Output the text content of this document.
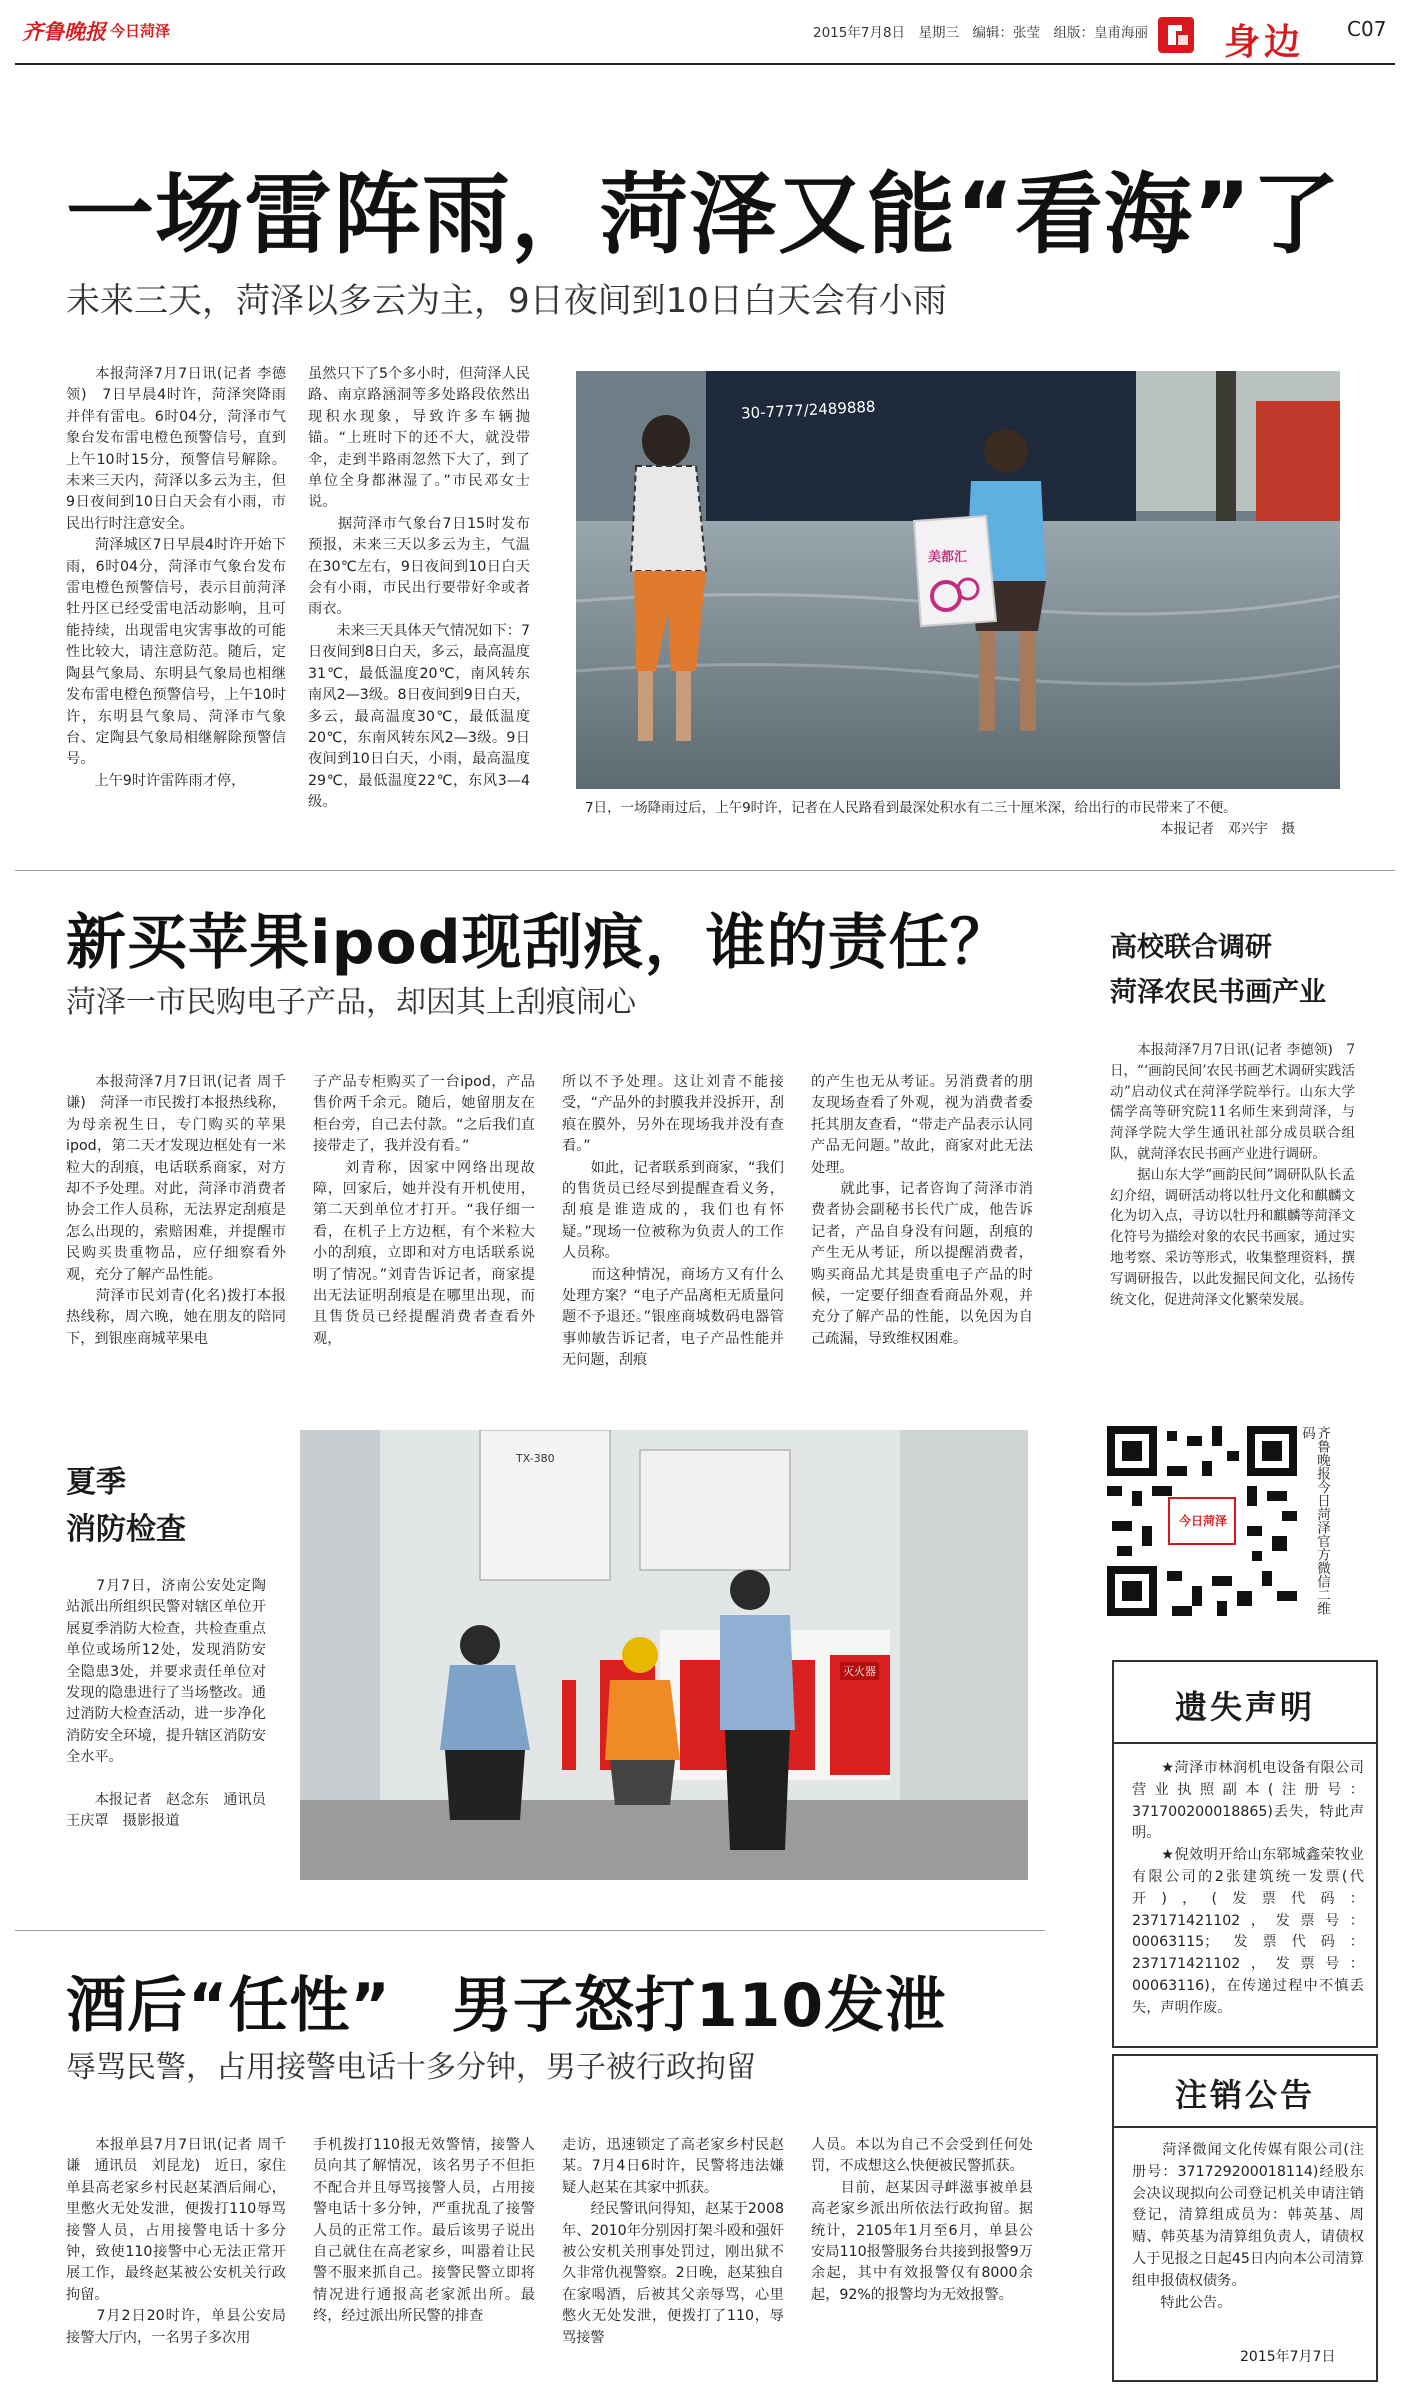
齐鲁晚报 今日菏泽	2015年7月8日　星期三　编辑：张莹　组版：皇甫海丽 身边 C07
一场雷阵雨，菏泽又能“看海”了
未来三天，菏泽以多云为主，9日夜间到10日白天会有小雨
　　本报菏泽7月7日讯(记者 李德领)　7日早晨4时许，菏泽突降雨并伴有雷电。6时04分，菏泽市气象台发布雷电橙色预警信号，直到上午10时15分，预警信号解除。未来三天内，菏泽以多云为主，但9日夜间到10日白天会有小雨，市民出行时注意安全。
　　菏泽城区7日早晨4时许开始下雨，6时04分，菏泽市气象台发布雷电橙色预警信号，表示目前菏泽牡丹区已经受雷电活动影响，且可能持续，出现雷电灾害事故的可能性比较大，请注意防范。随后，定陶县气象局、东明县气象局也相继发布雷电橙色预警信号，上午10时许，东明县气象局、菏泽市气象台、定陶县气象局相继解除预警信号。
　　上午9时许雷阵雨才停，
虽然只下了5个多小时，但菏泽人民路、南京路涵洞等多处路段依然出现积水现象，导致许多车辆抛锚。“上班时下的还不大，就没带伞，走到半路雨忽然下大了，到了单位全身都淋湿了。”市民邓女士说。
　　据菏泽市气象台7日15时发布预报，未来三天以多云为主，气温在30℃左右，9日夜间到10日白天会有小雨，市民出行要带好伞或者雨衣。
　　未来三天具体天气情况如下：7日夜间到8日白天，多云，最高温度31℃，最低温度20℃，南风转东南风2—3级。8日夜间到9日白天，多云，最高温度30℃，最低温度20℃，东南风转东风2—3级。9日夜间到10日白天，小雨，最高温度29℃，最低温度22℃，东风3—4级。
30-7777/2489888
美都汇
7日，一场降雨过后，上午9时许，记者在人民路看到最深处积水有二三十厘米深，给出行的市民带来了不便。
本报记者　邓兴宇　摄
新买苹果ipod现刮痕，谁的责任？
菏泽一市民购电子产品，却因其上刮痕闹心
　　本报菏泽7月7日讯(记者 周千谦)　菏泽一市民拨打本报热线称，为母亲祝生日，专门购买的苹果ipod，第二天才发现边框处有一米粒大的刮痕，电话联系商家，对方却不予处理。对此，菏泽市消费者协会工作人员称，无法界定刮痕是怎么出现的，索赔困难，并提醒市民购买贵重物品，应仔细察看外观，充分了解产品性能。
　　菏泽市民刘青(化名)拨打本报热线称，周六晚，她在朋友的陪同下，到银座商城苹果电
子产品专柜购买了一台ipod，产品售价两千余元。随后，她留朋友在柜台旁，自己去付款。“之后我们直接带走了，我并没有看。”
　　刘青称，因家中网络出现故障，回家后，她并没有开机使用，第二天到单位才打开。“我仔细一看，在机子上方边框，有个米粒大小的刮痕，立即和对方电话联系说明了情况。”刘青告诉记者，商家提出无法证明刮痕是在哪里出现，而且售货员已经提醒消费者查看外观，
所以不予处理。这让刘青不能接受，“产品外的封膜我并没拆开，刮痕在膜外，另外在现场我并没有查看。”
　　如此，记者联系到商家，“我们的售货员已经尽到提醒查看义务，刮痕是谁造成的，我们也有怀疑。”现场一位被称为负责人的工作人员称。
　　而这种情况，商场方又有什么处理方案？“电子产品离柜无质量问题不予退还。”银座商城数码电器管事帅敏告诉记者，电子产品性能并无问题，刮痕
的产生也无从考证。另消费者的朋友现场查看了外观，视为消费者委托其朋友查看，“带走产品表示认同产品无问题。”故此，商家对此无法处理。
　　就此事，记者咨询了菏泽市消费者协会副秘书长代广成，他告诉记者，产品自身没有问题，刮痕的产生无从考证，所以提醒消费者，购买商品尤其是贵重电子产品的时候，一定要仔细查看商品外观，并充分了解产品的性能，以免因为自己疏漏，导致维权困难。
夏季
消防检查
　　7月7日，济南公安处定陶站派出所组织民警对辖区单位开展夏季消防大检查，共检查重点单位或场所12处，发现消防安全隐患3处，并要求责任单位对发现的隐患进行了当场整改。通过消防大检查活动，进一步净化消防安全环境，提升辖区消防安全水平。
　　本报记者　赵念东　通讯员　王庆罩　摄影报道
TX-380
灭火器
酒后“任性”　男子怒打110发泄
辱骂民警，占用接警电话十多分钟，男子被行政拘留
　　本报单县7月7日讯(记者 周千谦　通讯员　刘昆龙)　近日，家住单县高老家乡村民赵某酒后闹心，里憋火无处发泄，便拨打110辱骂接警人员，占用接警电话十多分钟，致使110接警中心无法正常开展工作，最终赵某被公安机关行政拘留。
　　7月2日20时许，单县公安局接警大厅内，一名男子多次用
手机拨打110报无效警情，接警人员向其了解情况，该名男子不但拒不配合并且辱骂接警人员，占用接警电话十多分钟，严重扰乱了接警人员的正常工作。最后该男子说出自己就住在高老家乡，叫嚣着让民警不服来抓自己。接警民警立即将情况进行通报高老家派出所。最终，经过派出所民警的排查
走访，迅速锁定了高老家乡村民赵某。7月4日6时许，民警将违法嫌疑人赵某在其家中抓获。
　　经民警讯问得知，赵某于2008年、2010年分别因打架斗殴和强奸被公安机关刑事处罚过，刚出狱不久非常仇视警察。2日晚，赵某独自在家喝酒，后被其父亲辱骂，心里憋火无处发泄，便拨打了110，辱骂接警
人员。本以为自己不会受到任何处罚，不成想这么快便被民警抓获。
　　目前，赵某因寻衅滋事被单县高老家乡派出所依法行政拘留。据统计，2105年1月至6月，单县公安局110报警服务台共接到报警9万余起，其中有效报警仅有8000余起，92%的报警均为无效报警。
高校联合调研
菏泽农民书画产业
　　本报菏泽7月7日讯(记者 李德领)　7日，“‘画韵民间’农民书画艺术调研实践活动”启动仪式在菏泽学院举行。山东大学儒学高等研究院11名师生来到菏泽，与菏泽学院大学生通讯社部分成员联合组队，就菏泽农民书画产业进行调研。
　　据山东大学“画韵民间”调研队队长孟幻介绍，调研活动将以牡丹文化和麒麟文化为切入点，寻访以牡丹和麒麟等菏泽文化符号为描绘对象的农民书画家，通过实地考察、采访等形式，收集整理资料，撰写调研报告，以此发掘民间文化，弘扬传统文化，促进菏泽文化繁荣发展。
今日菏泽	齐鲁晚报今日菏泽官方微信二维码
遗失声明
　　★菏泽市林润机电设备有限公司营业执照副本(注册号：371700200018865)丢失，特此声明。
　　★倪效明开给山东郓城鑫荣牧业有限公司的2张建筑统一发票(代开)，(发票代码：237171421102，发票号：00063115；发票代码：237171421102，发票号：00063116)，在传递过程中不慎丢失，声明作废。
注销公告
　　菏泽微闻文化传媒有限公司(注册号：371729200018114)经股东会决议现拟向公司登记机关申请注销登记，清算组成员为：韩英基、周䞍、韩英基为清算组负责人，请债权人于见报之日起45日内向本公司清算组申报债权债务。
　　特此公告。
2015年7月7日
